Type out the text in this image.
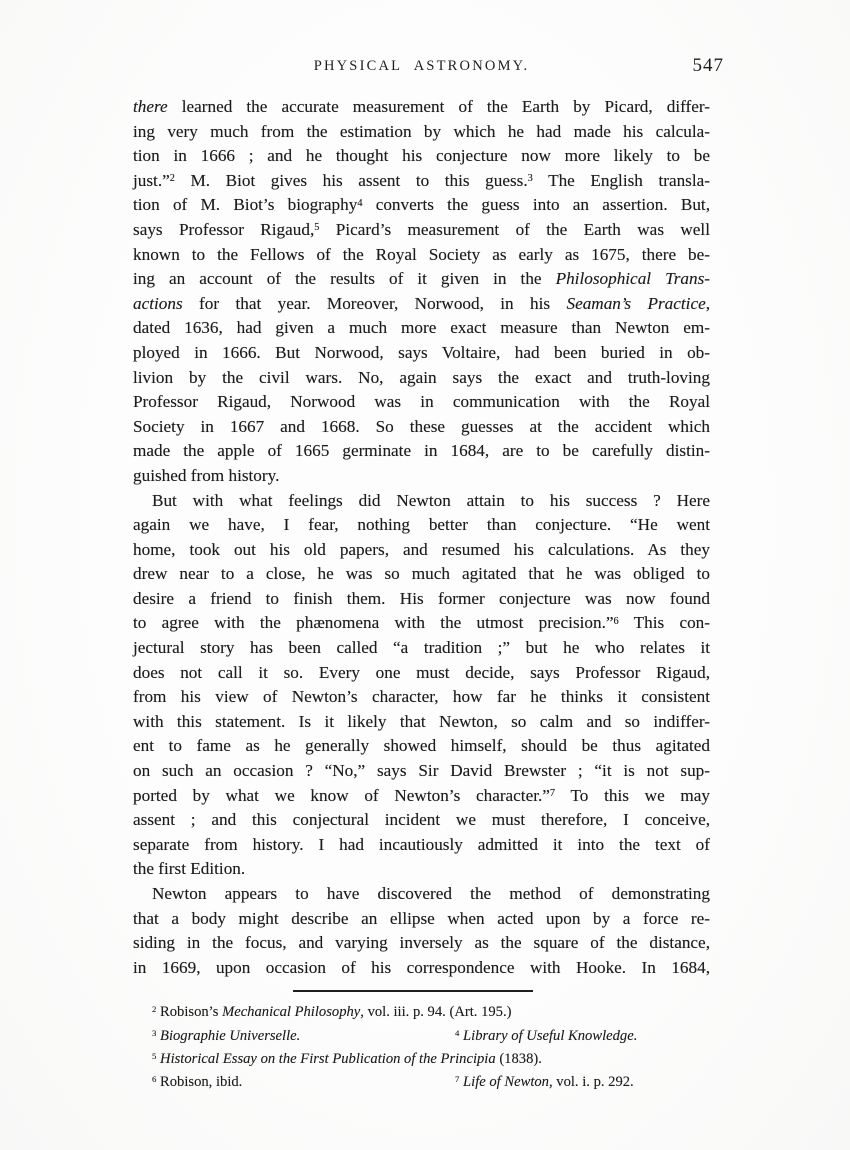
PHYSICAL ASTRONOMY.	547
there learned the accurate measurement of the Earth by Picard, differ-
ing very much from the estimation by which he had made his calcula-
tion in 1666 ; and he thought his conjecture now more likely to be
just.”$^2$ M. Biot gives his assent to this guess.$^3$ The English transla-
tion of M. Biot’s biography$^4$ converts the guess into an assertion. But,
says Professor Rigaud,$^5$ Picard’s measurement of the Earth was well
known to the Fellows of the Royal Society as early as 1675, there be-
ing an account of the results of it given in the Philosophical Trans-
actions for that year. Moreover, Norwood, in his Seaman’s Practice,
dated 1636, had given a much more exact measure than Newton em-
ployed in 1666. But Norwood, says Voltaire, had been buried in ob-
livion by the civil wars. No, again says the exact and truth-loving
Professor Rigaud, Norwood was in communication with the Royal
Society in 1667 and 1668. So these guesses at the accident which
made the apple of 1665 germinate in 1684, are to be carefully distin-
guished from history.
But with what feelings did Newton attain to his success ? Here
again we have, I fear, nothing better than conjecture. “He went
home, took out his old papers, and resumed his calculations. As they
drew near to a close, he was so much agitated that he was obliged to
desire a friend to finish them. His former conjecture was now found
to agree with the phænomena with the utmost precision.”$^6$ This con-
jectural story has been called “a tradition ;” but he who relates it
does not call it so. Every one must decide, says Professor Rigaud,
from his view of Newton’s character, how far he thinks it consistent
with this statement. Is it likely that Newton, so calm and so indiffer-
ent to fame as he generally showed himself, should be thus agitated
on such an occasion ? “No,” says Sir David Brewster ; “it is not sup-
ported by what we know of Newton’s character.”$^7$ To this we may
assent ; and this conjectural incident we must therefore, I conceive,
separate from history. I had incautiously admitted it into the text of
the first Edition.
Newton appears to have discovered the method of demonstrating
that a body might describe an ellipse when acted upon by a force re-
siding in the focus, and varying inversely as the square of the distance,
in 1669, upon occasion of his correspondence with Hooke. In 1684,
$^2$ Robison’s Mechanical Philosophy, vol. iii. p. 94. (Art. 195.)
$^3$ Biographie Universelle.	$^4$ Library of Useful Knowledge.
$^5$ Historical Essay on the First Publication of the Principia (1838).
$^6$ Robison, ibid.	$^7$ Life of Newton, vol. i. p. 292.
